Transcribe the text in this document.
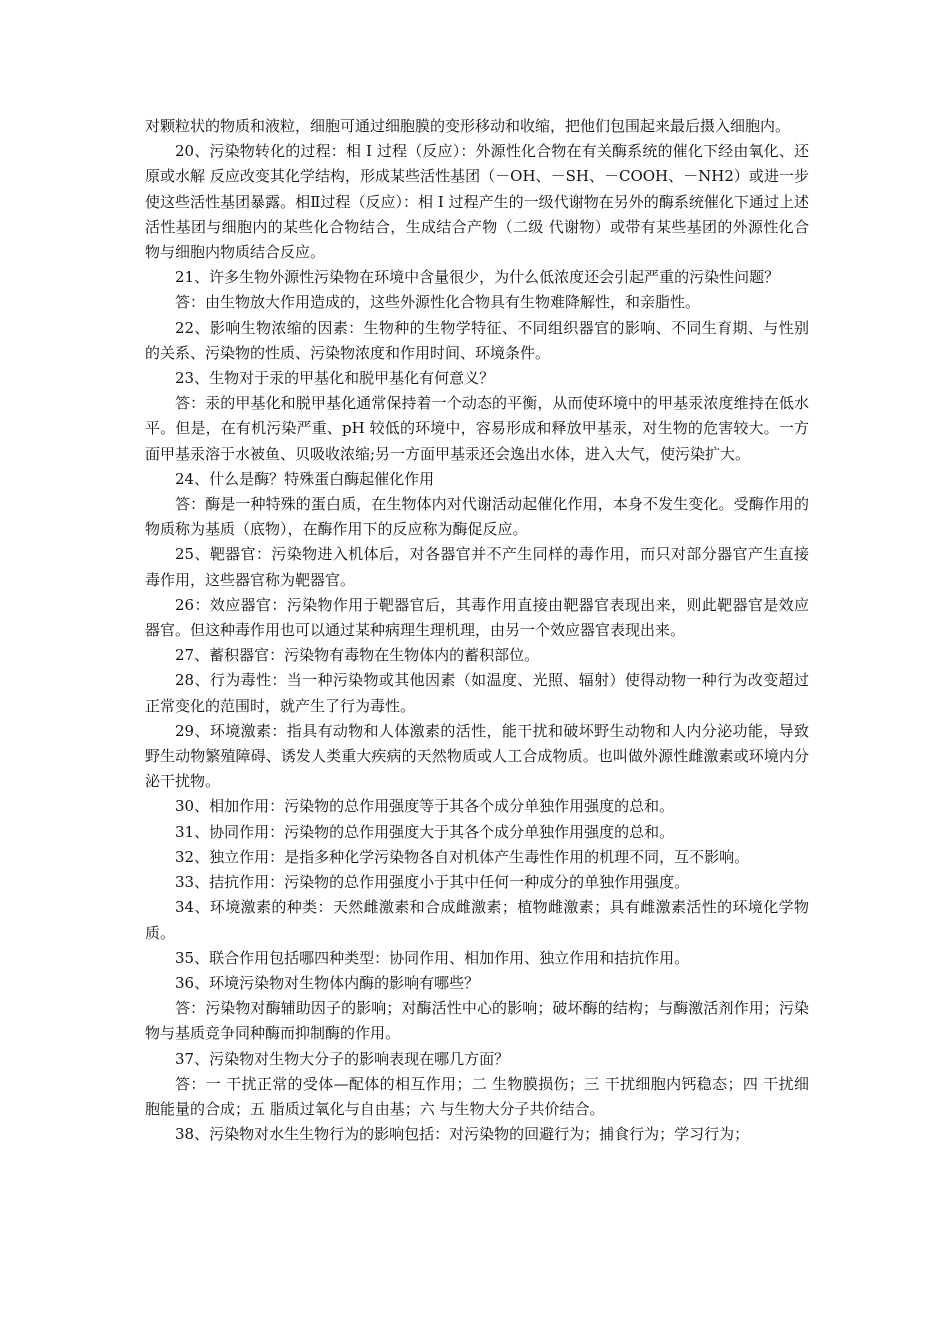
对颗粒状的物质和液粒，细胞可通过细胞膜的变形移动和收缩，把他们包围起来最后摄入细胞内。

20、污染物转化的过程：相 I 过程（反应）：外源性化合物在有关酶系统的催化下经由氧化、还原或水解 反应改变其化学结构，形成某些活性基团（－OH、－SH、－COOH、－NH2）或进一步使这些活性基团暴露。相Ⅱ过程（反应）：相 I 过程产生的一级代谢物在另外的酶系统催化下通过上述 活性基团与细胞内的某些化合物结合，生成结合产物（二级 代谢物）或带有某些基团的外源性化合物与细胞内物质结合反应。

21、许多生物外源性污染物在环境中含量很少，为什么低浓度还会引起严重的污染性问题？

答：由生物放大作用造成的，这些外源性化合物具有生物难降解性，和亲脂性。

22、影响生物浓缩的因素：生物种的生物学特征、不同组织器官的影响、不同生育期、与性别的关系、污染物的性质、污染物浓度和作用时间、环境条件。

23、生物对于汞的甲基化和脱甲基化有何意义？

答：汞的甲基化和脱甲基化通常保持着一个动态的平衡，从而使环境中的甲基汞浓度维持在低水平。但是，在有机污染严重、pH 较低的环境中，容易形成和释放甲基汞，对生物的危害较大。一方面甲基汞溶于水被鱼、贝吸收浓缩;另一方面甲基汞还会逸出水体，进入大气，使污染扩大。

24、什么是酶？特殊蛋白酶起催化作用

答：酶是一种特殊的蛋白质，在生物体内对代谢活动起催化作用，本身不发生变化。受酶作用的物质称为基质（底物），在酶作用下的反应称为酶促反应。

25、靶器官：污染物进入机体后，对各器官并不产生同样的毒作用，而只对部分器官产生直接毒作用，这些器官称为靶器官。

26：效应器官：污染物作用于靶器官后，其毒作用直接由靶器官表现出来，则此靶器官是效应器官。但这种毒作用也可以通过某种病理生理机理，由另一个效应器官表现出来。

27、蓄积器官：污染物有毒物在生物体内的蓄积部位。

28、行为毒性：当一种污染物或其他因素（如温度、光照、辐射）使得动物一种行为改变超过正常变化的范围时，就产生了行为毒性。

29、环境激素：指具有动物和人体激素的活性，能干扰和破坏野生动物和人内分泌功能，导致野生动物繁殖障碍、诱发人类重大疾病的天然物质或人工合成物质。也叫做外源性雌激素或环境内分泌干扰物。

30、相加作用：污染物的总作用强度等于其各个成分单独作用强度的总和。

31、协同作用：污染物的总作用强度大于其各个成分单独作用强度的总和。

32、独立作用：是指多种化学污染物各自对机体产生毒性作用的机理不同，互不影响。

33、拮抗作用：污染物的总作用强度小于其中任何一种成分的单独作用强度。

34、环境激素的种类：天然雌激素和合成雌激素；植物雌激素；具有雌激素活性的环境化学物质。

35、联合作用包括哪四种类型：协同作用、相加作用、独立作用和拮抗作用。

36、环境污染物对生物体内酶的影响有哪些？

答：污染物对酶辅助因子的影响；对酶活性中心的影响；破坏酶的结构；与酶激活剂作用；污染物与基质竞争同种酶而抑制酶的作用。

37、污染物对生物大分子的影响表现在哪几方面？

答：一 干扰正常的受体—配体的相互作用；二 生物膜损伤；三 干扰细胞内钙稳态；四 干扰细胞能量的合成；五 脂质过氧化与自由基；六 与生物大分子共价结合。

38、污染物对水生生物行为的影响包括：对污染物的回避行为；捕食行为；学习行为；
